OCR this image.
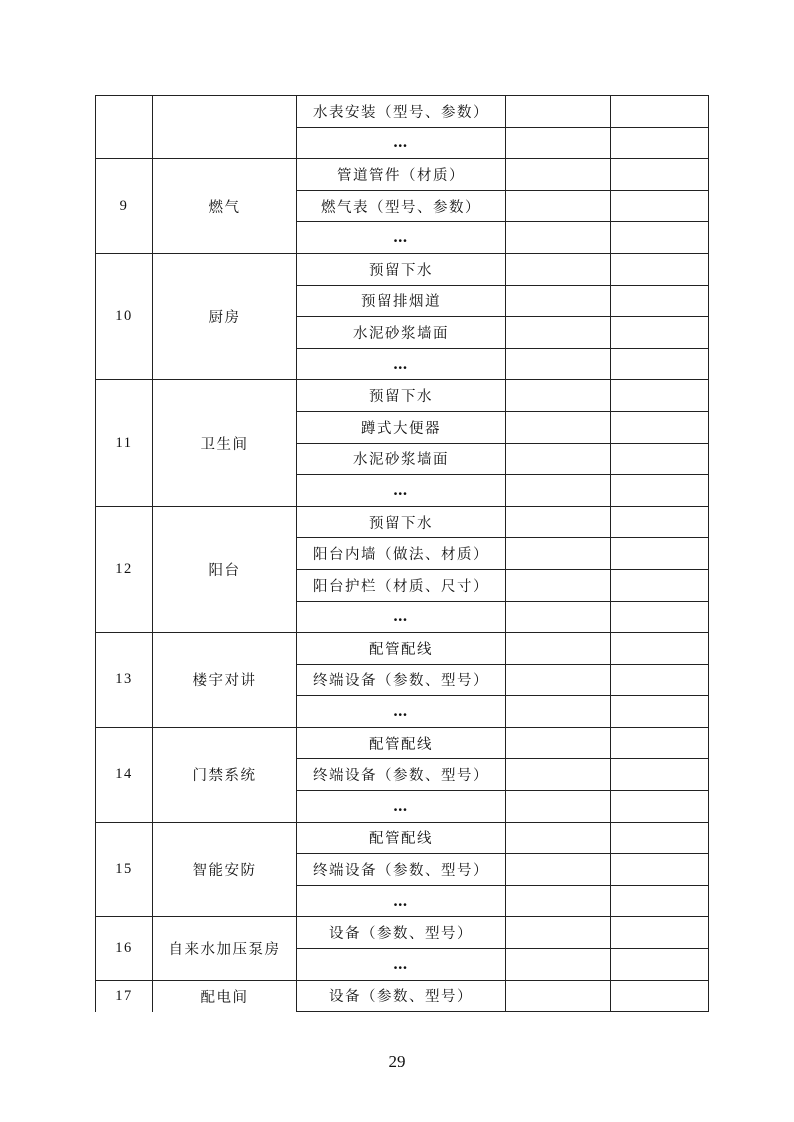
		水表安装（型号、参数）		
		…		
9	燃气	管道管件（材质）		
		燃气表（型号、参数）		
		…		
10	厨房	预留下水		
		预留排烟道		
		水泥砂浆墙面		
		…		
11	卫生间	预留下水		
		蹲式大便器		
		水泥砂浆墙面		
		…		
12	阳台	预留下水		
		阳台内墙（做法、材质）		
		阳台护栏（材质、尺寸）		
		…		
13	楼宇对讲	配管配线		
		终端设备（参数、型号）		
		…		
14	门禁系统	配管配线		
		终端设备（参数、型号）		
		…		
15	智能安防	配管配线		
		终端设备（参数、型号）		
		…		
16	自来水加压泵房	设备（参数、型号）		
		…		
17	配电间	设备（参数、型号）		
29
